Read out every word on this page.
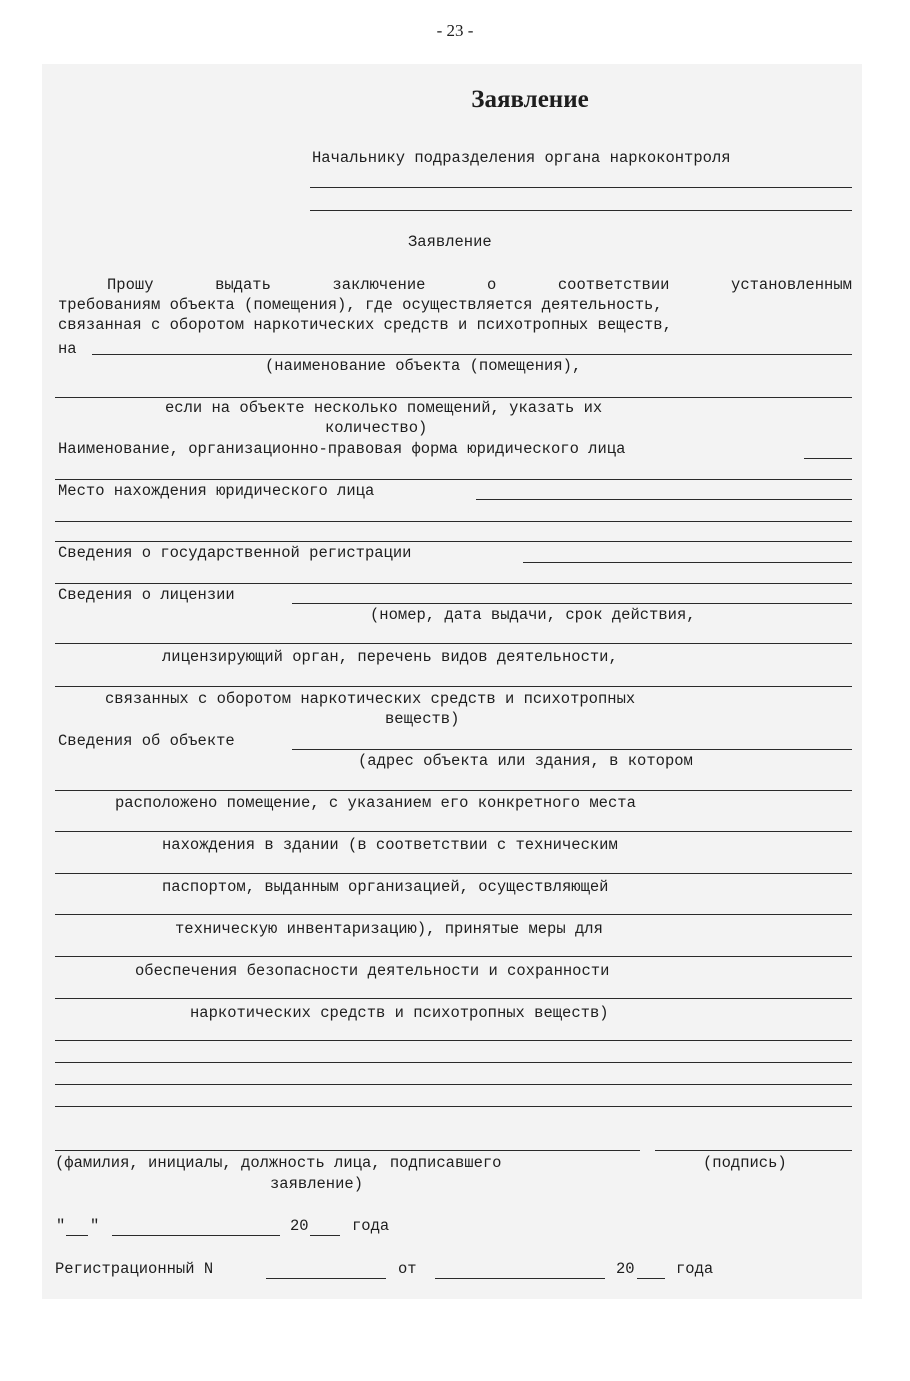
- 23 -
Заявление
Начальнику подразделения органа наркоконтроля
Заявление
Прошу	выдать	заключение	о	соответствии	установленным
требованиям объекта (помещения), где осуществляется деятельность,
связанная с оборотом наркотических средств и психотропных веществ,
на
(наименование объекта (помещения),
если на объекте несколько помещений, указать их
количество)
Наименование, организационно-правовая форма юридического лица
Место нахождения юридического лица
Сведения о государственной регистрации
Сведения о лицензии
(номер, дата выдачи, срок действия,
лицензирующий орган, перечень видов деятельности,
связанных с оборотом наркотических средств и психотропных
веществ)
Сведения об объекте
(адрес объекта или здания, в котором
расположено помещение, с указанием его конкретного места
нахождения в здании (в соответствии с техническим
паспортом, выданным организацией, осуществляющей
техническую инвентаризацию), принятые меры для
обеспечения безопасности деятельности и сохранности
наркотических средств и психотропных веществ)
(фамилия, инициалы, должность лица, подписавшего
заявление)
(подпись)
" "	20	года
Регистрационный N	от	20	года
